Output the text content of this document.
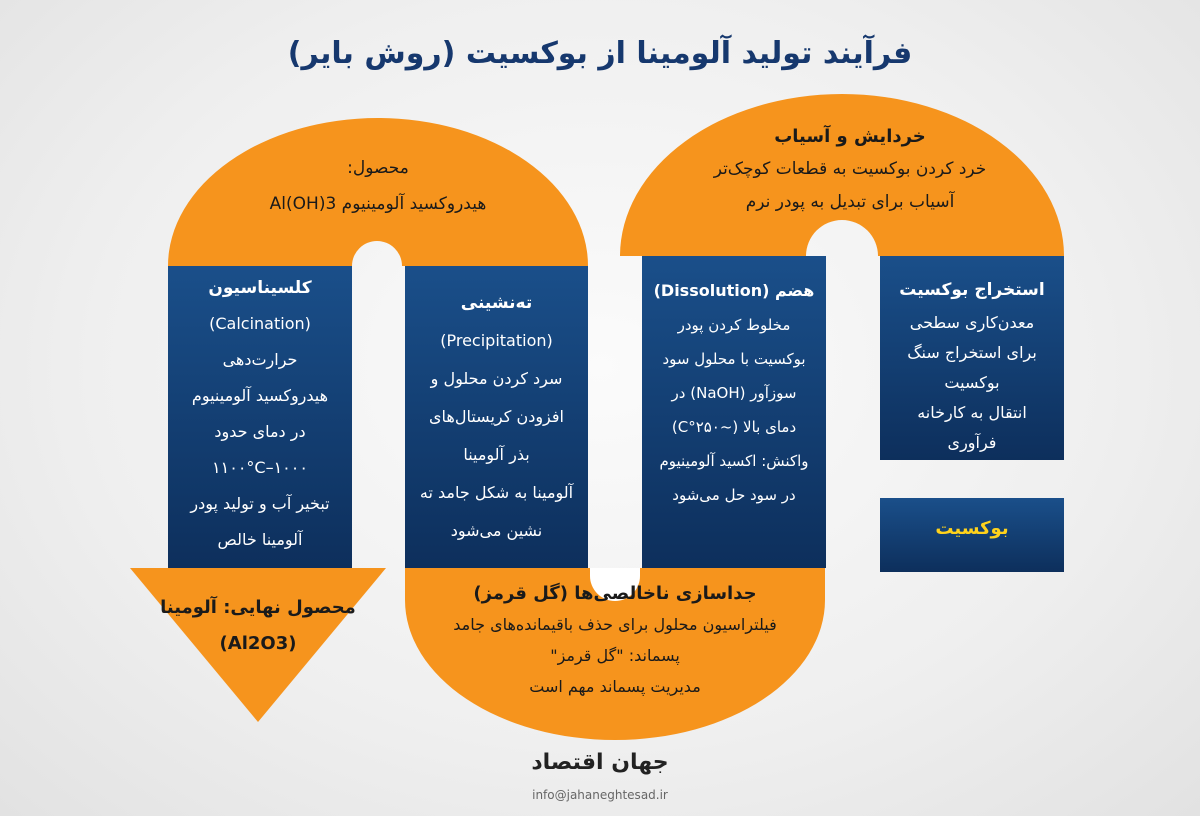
فرآیند تولید آلومینا از بوکسیت (روش بایر)
بوکسیت
استخراج بوکسیت
معدن‌کاری سطحی
برای استخراج سنگ
بوکسیت
انتقال به کارخانه
فرآوری
خردایش و آسیاب
خرد کردن بوکسیت به قطعات کوچک‌تر
آسیاب برای تبدیل به پودر نرم
هضم (Dissolution)
مخلوط کردن پودر
بوکسیت با محلول سود
سوزآور (NaOH) در
دمای بالا (~۲۵۰°C)
واکنش: اکسید آلومینیوم
در سود حل می‌شود
جداسازی ناخالصی‌ها (گل قرمز)
فیلتراسیون محلول برای حذف باقیمانده‌های جامد
پسماند: "گل قرمز"
مدیریت پسماند مهم است
ته‌نشینی
(Precipitation)
سرد کردن محلول و
افزودن کریستال‌های
بذر آلومینا
آلومینا به شکل جامد ته
نشین می‌شود
محصول:
هیدروکسید آلومینیوم Al(OH)3
کلسیناسیون
(Calcination)
حرارت‌دهی
هیدروکسید آلومینیوم
در دمای حدود
۱۰۰۰–۱۱۰۰°C
تبخیر آب و تولید پودر
آلومینا خالص
محصول نهایی: آلومینا
(Al2O3)
جهان اقتصاد
info@jahaneghtesad.ir
